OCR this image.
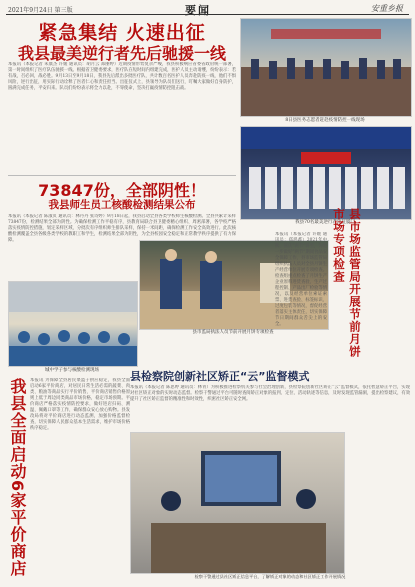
2021年9月24日 第三版	要闻	安重乡报
紧急集结 火速出征
我县最美逆行者先后驰援一线
本报讯（本报记者 朱康杰 许媛 通讯员：胡月云 郑丽婷）近期疫情形势复杂严峻，我县积极响应省委省政府统一部署，第一时间组织了医疗队伍驰援一线。根据省卫健委要求，医疗队在短时间内组建完成，医护人员主动请缨，纷纷表示：若有战，召必回，战必胜。9月13日至9月18日，我县先后派出多批医疗队，共计数百名医护人员奔赴防疫一线，他们不惧风险，逆行出征，用实际行动诠释了医者仁心和责任担当。出征仪式上，县领导为队员们送行，叮嘱大家做好自身防护，圆满完成任务，平安归来。队员们纷纷表示将全力以赴，不辱使命，坚决打赢疫情防控阻击战。
8日县医务志愿者赶赴疫情防控一线现场
我县70名最美逆行者出征厦门
73847份，全部阴性！
我县师生员工核酸检测结果公布
本报讯（本报记者 陈淑贞 通讯员：林丹丹 张诗婷）9月18日起，我县启动全县各类学校师生核酸检测。全县共累计采样73847份，检测结果全部为阴性。为确保检测工作平稳有序，县教育局联合县卫健委精心组织、周密部署，各学校严格落实疫情防控措施，划定采样区域，分批次有序组织师生排队采样，保持一米间距，确保检测工作安全高效进行。此次核酸检测覆盖全县各级各类学校的教职工和学生，检测结果全部为阴性，为全县校园安全稳定和正常教学秩序提供了有力保障。
城中学子参与核酸检测现场
县市监局执法人员节前开展月饼专项检查
本报讯（本报记者 许媛 通讯员：郑鸿鑫）2021年中秋、国庆“两节”将至，为进一步做好“两节”期间食品安全保障工作，县市场监管局组织执法人员对全县月饼生产经营单位开展专项检查。检查组重点检查了月饼生产企业原料进货查验、生产过程控制、产品出厂检验等情况，以及经营单位索证索票、进货查验、标签标识、过度包装等情况，督促经营者落实主体责任，切实保障节日期间群众舌尖上的安全。	县市场监管局开展节前月饼市场专项检查
我县全面启动6家平价商店 本报讯 为保障全县居民菜篮子供应稳定，我县全面启动6家平价商店，对居民日常生活必需的蔬菜、肉类、粮油等商品实行平价销售，平价商店销售价格原则上低于周边同类商品市场价格，稳定市场预期。平价商店严格落实疫情防控要求，做好进店扫码、测温、佩戴口罩等工作，确保群众安心放心购物。县发改局将对平价商店进行动态监测，加强价格监督检查，切实保障人民群众基本生活需求，维护市场价格秩序稳定。
县检察院创新社区矫正“云”监督模式
本报讯（本报记者 陈思婷 通讯员：林青）为积极推进检察机关参与社会治理创新，县检察院创新社区矫正“云”监督模式，依托智慧矫正平台，实现对社区矫正对象的实时动态监督。检察干警通过平台可随时查阅矫正对象的报到、定位、活动轨迹等信息，及时发现监管漏洞，提出检察建议，有效提升了社区矫正监督的精准性和时效性，织密社区矫正安全网。
检察干警通过县社区矫正信息平台，了解矫正对象的动态和社区矫正工作开展情况
